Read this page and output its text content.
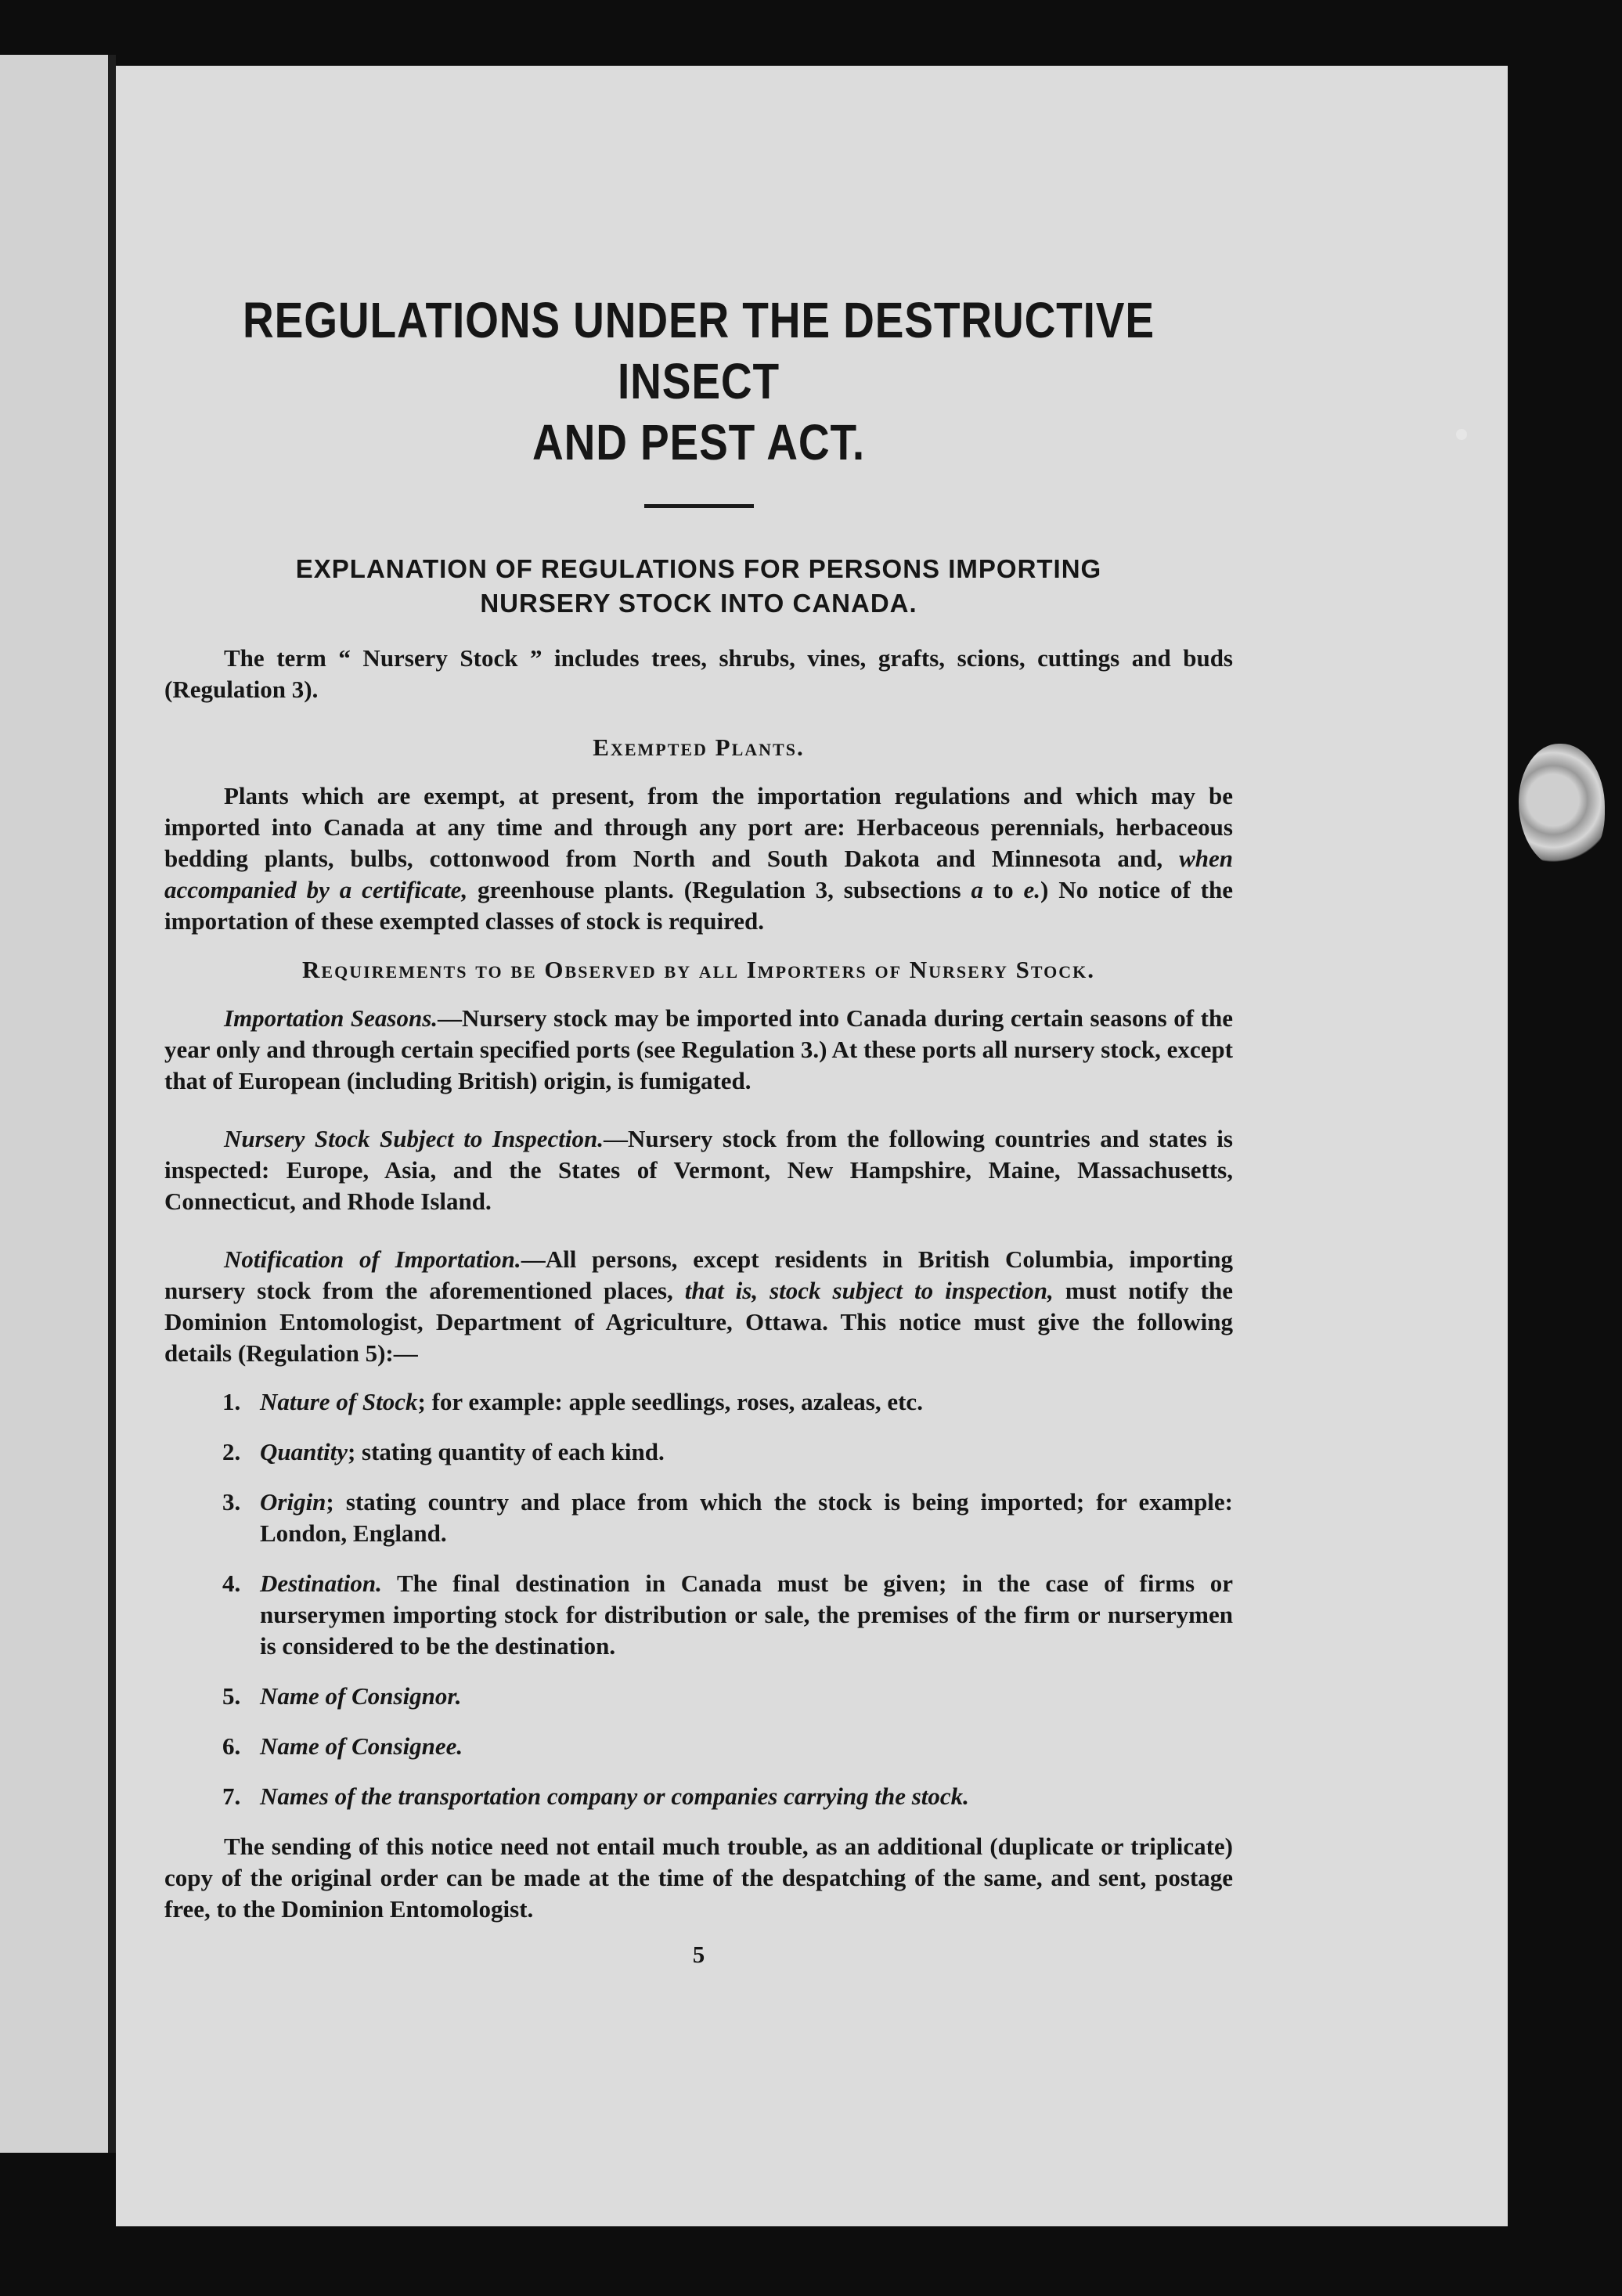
REGULATIONS UNDER THE DESTRUCTIVE INSECT
AND PEST ACT.
EXPLANATION OF REGULATIONS FOR PERSONS IMPORTING
NURSERY STOCK INTO CANADA.

The term “ Nursery Stock ” includes trees, shrubs, vines, grafts, scions, cuttings and buds (Regulation 3).

Exempted Plants.

Plants which are exempt, at present, from the importation regulations and which may be imported into Canada at any time and through any port are: Herbaceous perennials, herbaceous bedding plants, bulbs, cottonwood from North and South Dakota and Minnesota and, when accompanied by a certificate, greenhouse plants. (Regulation 3, subsections a to e.) No notice of the importation of these exempted classes of stock is required.

Requirements to be Observed by all Importers of Nursery Stock.

Importation Seasons.—Nursery stock may be imported into Canada during certain seasons of the year only and through certain specified ports (see Regulation 3.) At these ports all nursery stock, except that of European (including British) origin, is fumigated.

Nursery Stock Subject to Inspection.—Nursery stock from the following countries and states is inspected: Europe, Asia, and the States of Vermont, New Hampshire, Maine, Massachusetts, Connecticut, and Rhode Island.

Notification of Importation.—All persons, except residents in British Columbia, importing nursery stock from the aforementioned places, that is, stock subject to inspection, must notify the Dominion Entomologist, Department of Agriculture, Ottawa. This notice must give the following details (Regulation 5):—

1. Nature of Stock; for example: apple seedlings, roses, azaleas, etc.
2. Quantity; stating quantity of each kind.
3. Origin; stating country and place from which the stock is being imported; for example: London, England.
4. Destination. The final destination in Canada must be given; in the case of firms or nurserymen importing stock for distribution or sale, the premises of the firm or nurserymen is considered to be the destination.
5. Name of Consignor.
6. Name of Consignee.
7. Names of the transportation company or companies carrying the stock.

The sending of this notice need not entail much trouble, as an additional (duplicate or triplicate) copy of the original order can be made at the time of the despatching of the same, and sent, postage free, to the Dominion Entomologist.

5
